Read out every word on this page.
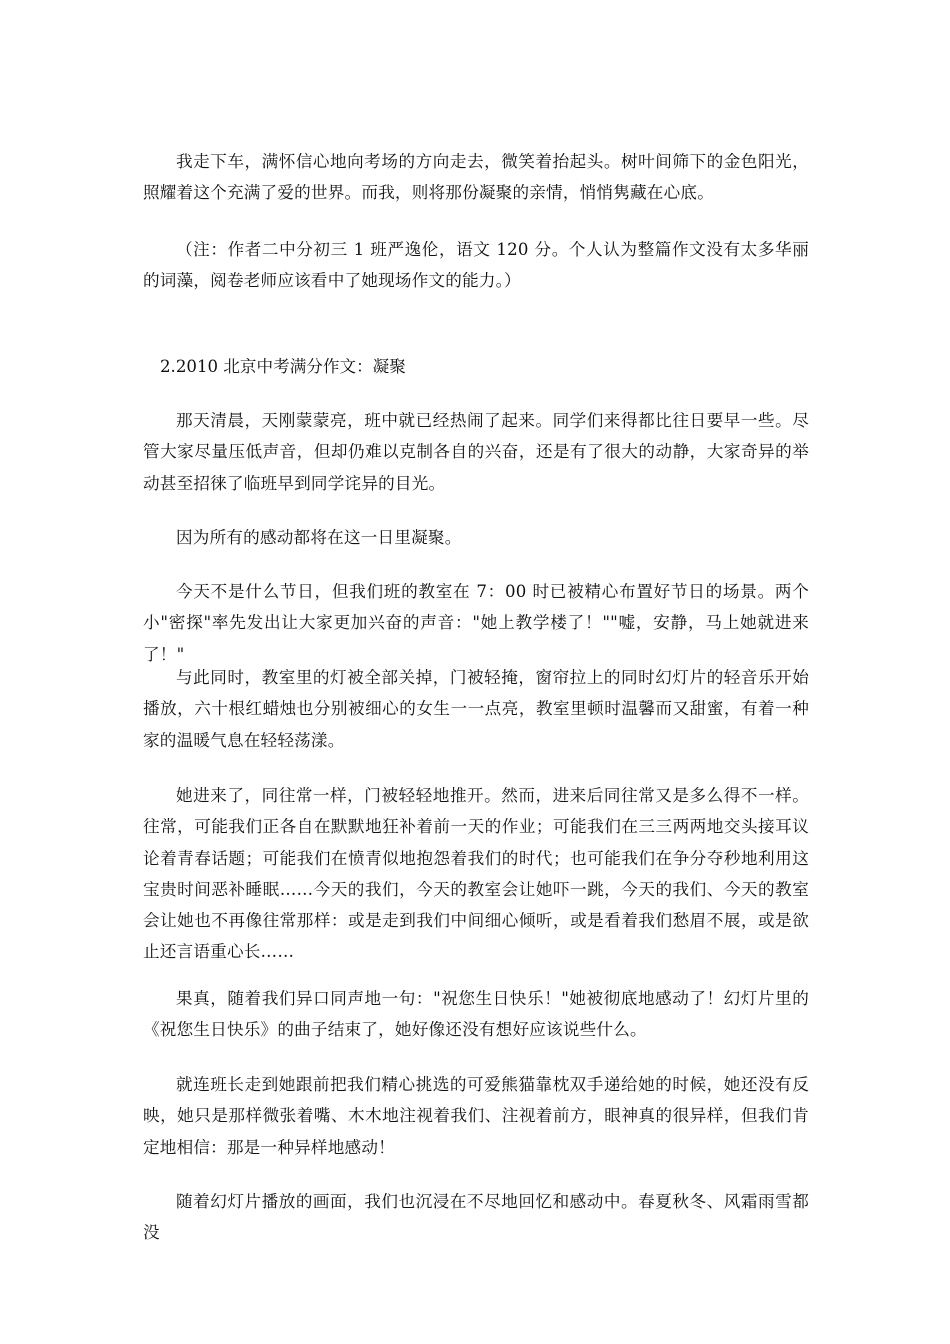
我走下车，满怀信心地向考场的方向走去，微笑着抬起头。树叶间筛下的金色阳光，照耀着这个充满了爱的世界。而我，则将那份凝聚的亲情，悄悄隽藏在心底。

（注：作者二中分初三 1 班严逸伦，语文 120 分。个人认为整篇作文没有太多华丽的词藻，阅卷老师应该看中了她现场作文的能力。）

2.2010 北京中考满分作文：凝聚

那天清晨，天刚蒙蒙亮，班中就已经热闹了起来。同学们来得都比往日要早一些。尽管大家尽量压低声音，但却仍难以克制各自的兴奋，还是有了很大的动静，大家奇异的举动甚至招徕了临班早到同学诧异的目光。

因为所有的感动都将在这一日里凝聚。

今天不是什么节日，但我们班的教室在 7：00 时已被精心布置好节日的场景。两个小"密探"率先发出让大家更加兴奋的声音："她上教学楼了！""嘘，安静，马上她就进来了！"

与此同时，教室里的灯被全部关掉，门被轻掩，窗帘拉上的同时幻灯片的轻音乐开始播放，六十根红蜡烛也分别被细心的女生一一点亮，教室里顿时温馨而又甜蜜，有着一种家的温暖气息在轻轻荡漾。

她进来了，同往常一样，门被轻轻地推开。然而，进来后同往常又是多么得不一样。往常，可能我们正各自在默默地狂补着前一天的作业；可能我们在三三两两地交头接耳议论着青春话题；可能我们在愤青似地抱怨着我们的时代；也可能我们在争分夺秒地利用这宝贵时间恶补睡眠……今天的我们，今天的教室会让她吓一跳，今天的我们、今天的教室会让她也不再像往常那样：或是走到我们中间细心倾听，或是看着我们愁眉不展，或是欲止还言语重心长……

果真，随着我们异口同声地一句："祝您生日快乐！"她被彻底地感动了！幻灯片里的《祝您生日快乐》的曲子结束了，她好像还没有想好应该说些什么。

就连班长走到她跟前把我们精心挑选的可爱熊猫靠枕双手递给她的时候，她还没有反映，她只是那样微张着嘴、木木地注视着我们、注视着前方，眼神真的很异样，但我们肯定地相信：那是一种异样地感动！

随着幻灯片播放的画面，我们也沉浸在不尽地回忆和感动中。春夏秋冬、风霜雨雪都没
